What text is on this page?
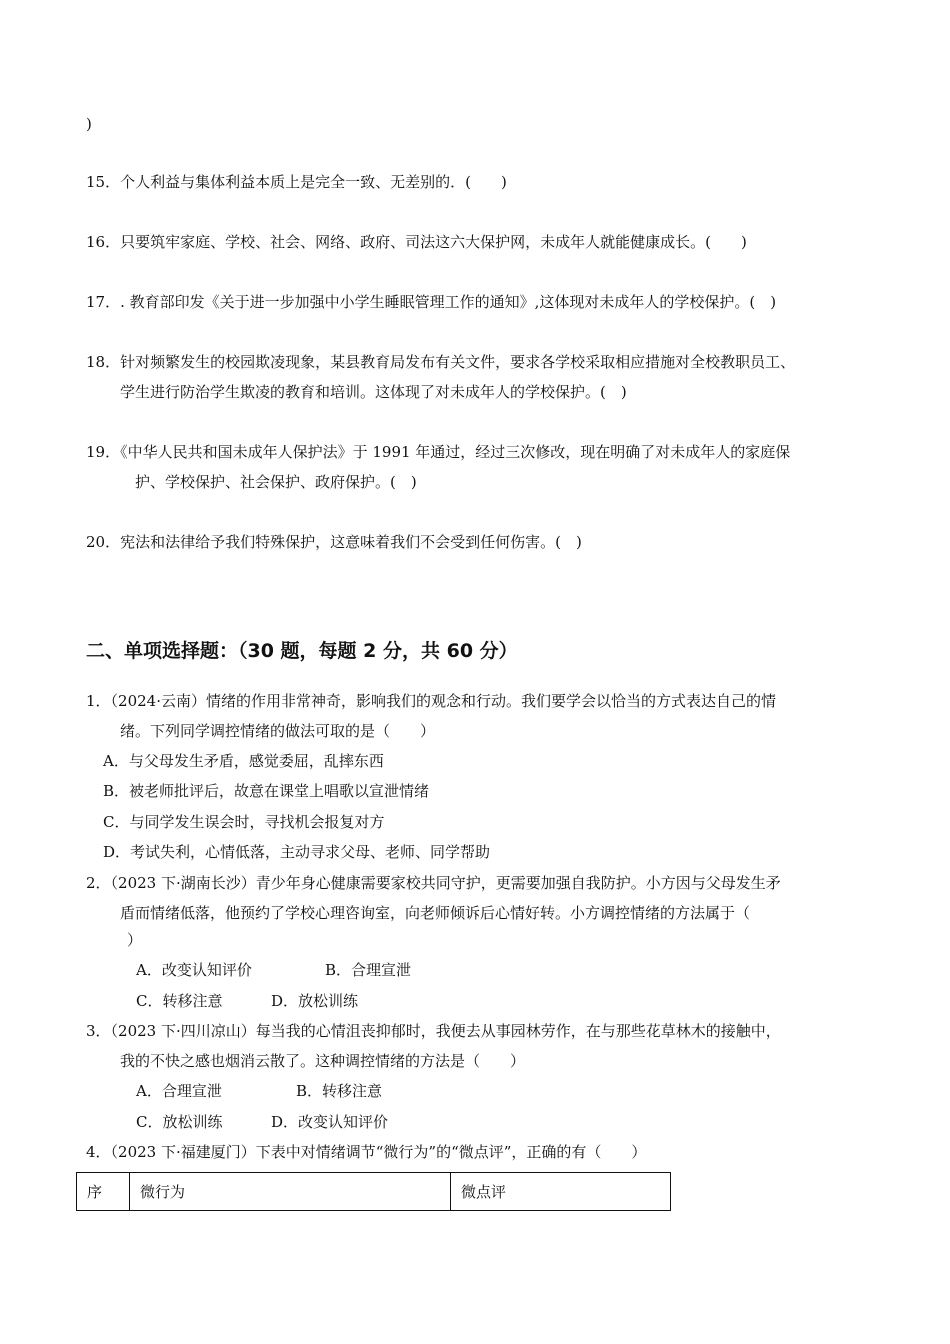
)
15．个人利益与集体利益本质上是完全一致、无差别的．(　　)
16．只要筑牢家庭、学校、社会、网络、政府、司法这六大保护网，未成年人就能健康成长。(　　)
17．. 教育部印发《关于进一步加强中小学生睡眠管理工作的通知》,这体现对未成年人的学校保护。(　)
18．针对频繁发生的校园欺凌现象，某县教育局发布有关文件，要求各学校采取相应措施对全校教职员工、
学生进行防治学生欺凌的教育和培训。这体现了对未成年人的学校保护。(　)
19．《中华人民共和国未成年人保护法》于 1991 年通过，经过三次修改，现在明确了对未成年人的家庭保
护、学校保护、社会保护、政府保护。(　)
20．宪法和法律给予我们特殊保护，这意味着我们不会受到任何伤害。(　)
二、单项选择题：（30 题，每题 2 分，共 60 分）
1．（2024·云南）情绪的作用非常神奇，影响我们的观念和行动。我们要学会以恰当的方式表达自己的情
绪。下列同学调控情绪的做法可取的是（　　）
A．与父母发生矛盾，感觉委屈，乱摔东西
B．被老师批评后，故意在课堂上唱歌以宣泄情绪
C．与同学发生误会时，寻找机会报复对方
D．考试失利，心情低落，主动寻求父母、老师、同学帮助
2．（2023 下·湖南长沙）青少年身心健康需要家校共同守护，更需要加强自我防护。小方因与父母发生矛
盾而情绪低落，他预约了学校心理咨询室，向老师倾诉后心情好转。小方调控情绪的方法属于（
）
A．改变认知评价	B．合理宣泄
C．转移注意	D．放松训练
3．（2023 下·四川凉山）每当我的心情沮丧抑郁时，我便去从事园林劳作，在与那些花草林木的接触中，
我的不快之感也烟消云散了。这种调控情绪的方法是（　　）
A．合理宣泄	B．转移注意
C．放松训练	D．改变认知评价
4．（2023 下·福建厦门）下表中对情绪调节“微行为”的“微点评”，正确的有（　　）
序	微行为	微点评
